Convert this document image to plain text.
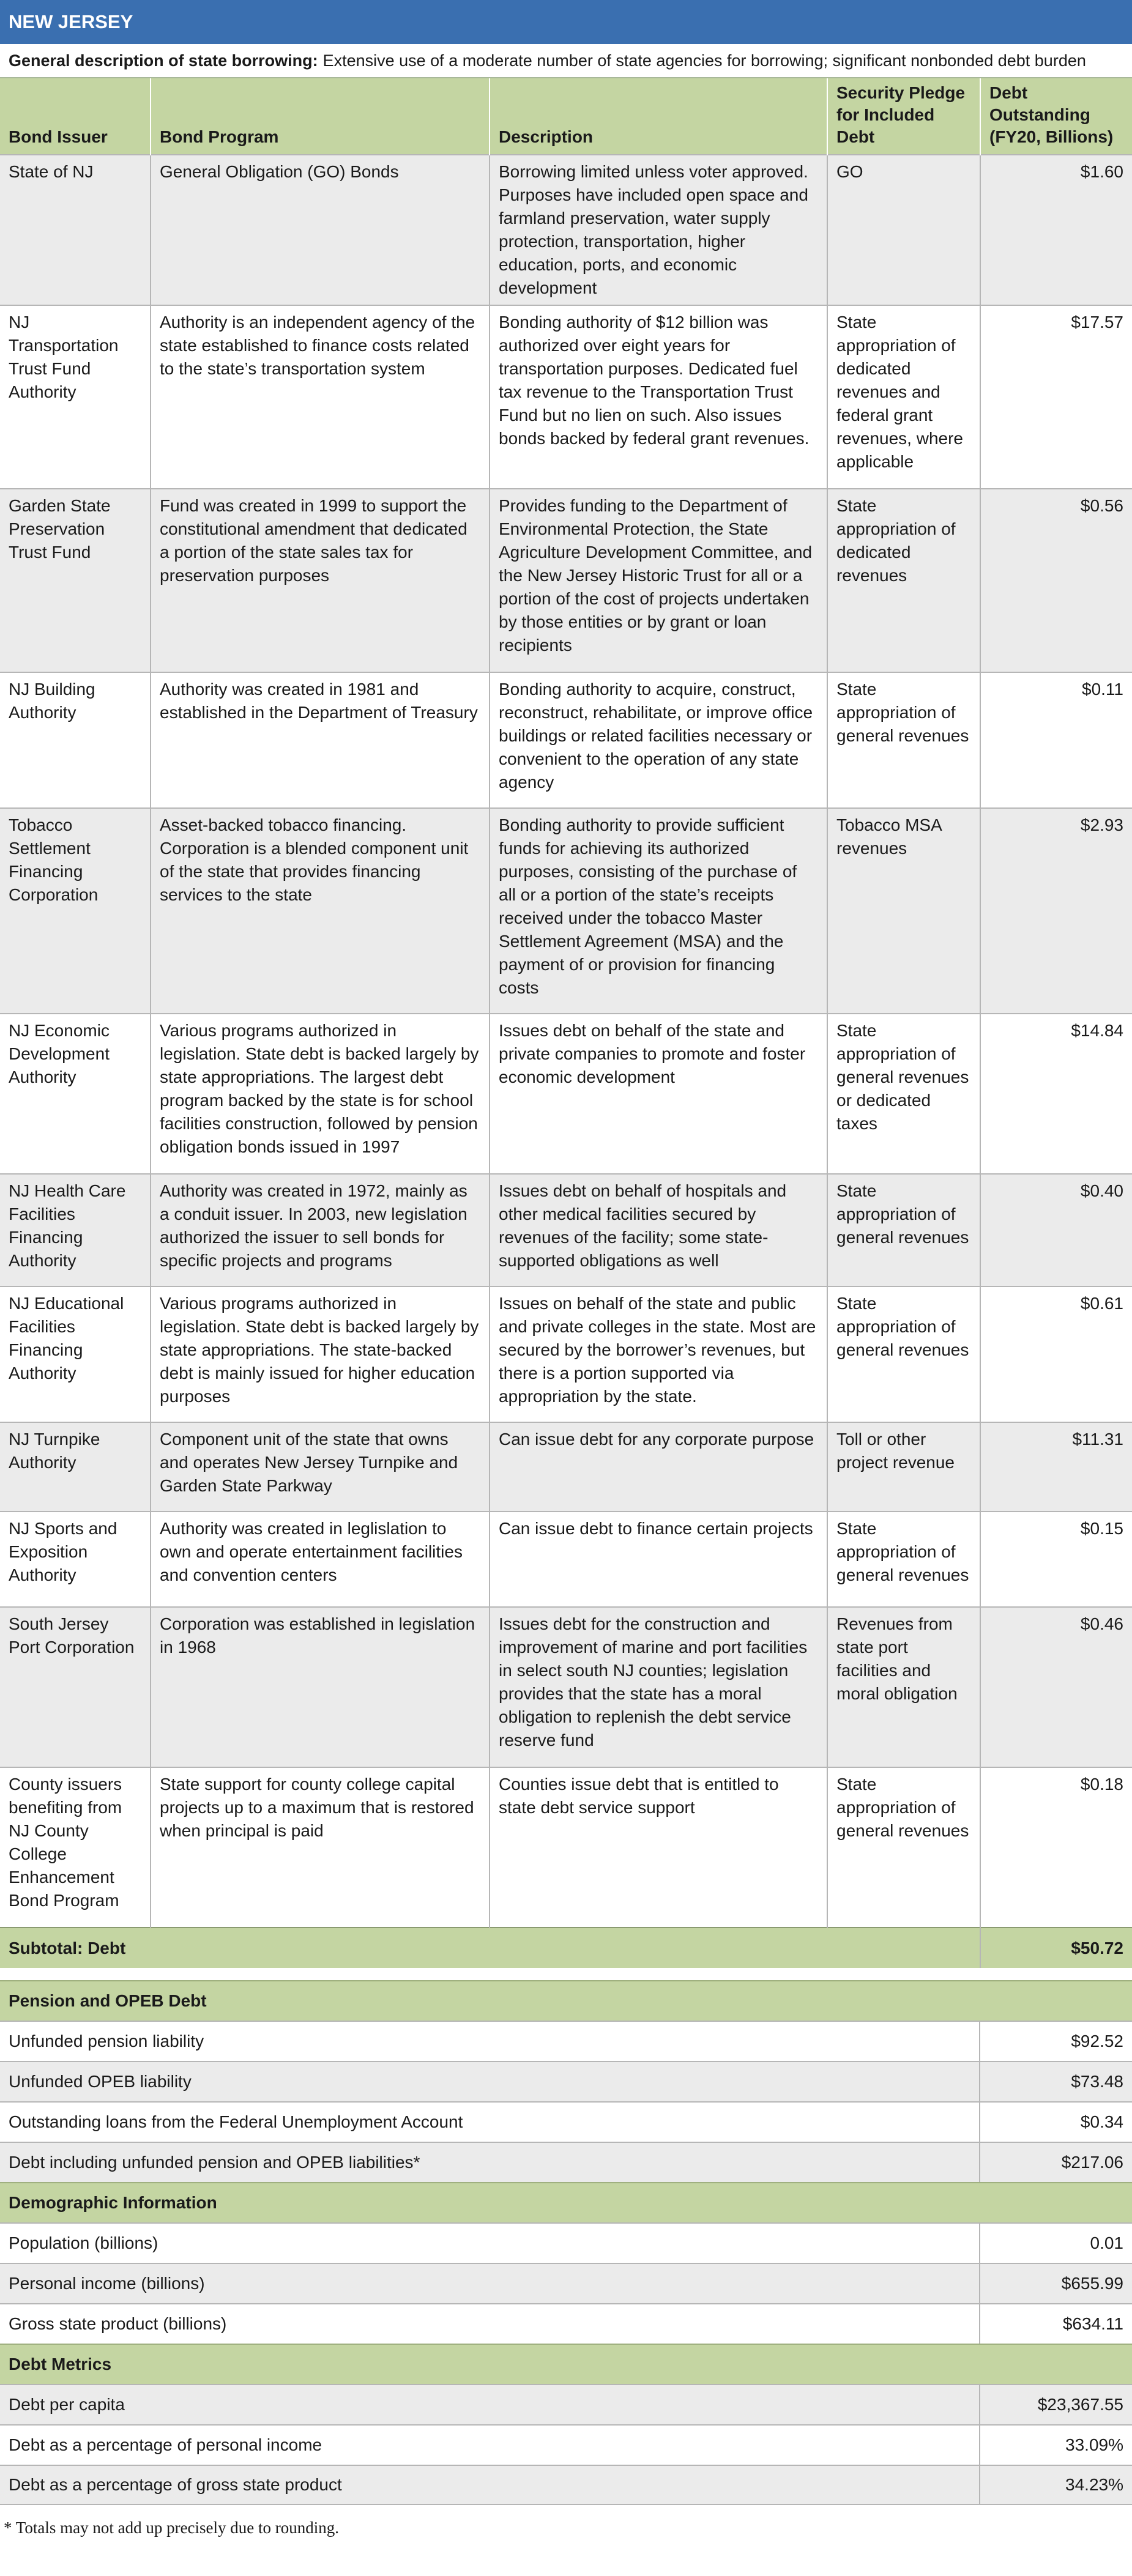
NEW JERSEY
General description of state borrowing: Extensive use of a moderate number of state agencies for borrowing; significant nonbonded debt burden
Bond Issuer	Bond Program	Description	Security Pledge for Included Debt	Debt Outstanding (FY20, Billions)
State of NJ	General Obligation (GO) Bonds	Borrowing limited unless voter approved. Purposes have included open space and farmland preservation, water supply protection, transportation, higher education, ports, and economic development	GO	$1.60
NJ Transportation Trust Fund Authority	Authority is an independent agency of the state established to finance costs related to the state’s transportation system	Bonding authority of $12 billion was authorized over eight years for transportation purposes. Dedicated fuel tax revenue to the Transportation Trust Fund but no lien on such. Also issues bonds backed by federal grant revenues.	State appropriation of dedicated revenues and federal grant revenues, where applicable	$17.57
Garden State Preservation Trust Fund	Fund was created in 1999 to support the constitutional amendment that dedicated a portion of the state sales tax for preservation purposes	Provides funding to the Department of Environmental Protection, the State Agriculture Development Committee, and the New Jersey Historic Trust for all or a portion of the cost of projects undertaken by those entities or by grant or loan recipients	State appropriation of dedicated revenues	$0.56
NJ Building Authority	Authority was created in 1981 and established in the Department of Treasury	Bonding authority to acquire, construct, reconstruct, rehabilitate, or improve office buildings or related facilities necessary or convenient to the operation of any state agency	State appropriation of general revenues	$0.11
Tobacco Settlement Financing Corporation	Asset-backed tobacco financing. Corporation is a blended component unit of the state that provides financing services to the state	Bonding authority to provide sufficient funds for achieving its authorized purposes, consisting of the purchase of all or a portion of the state’s receipts received under the tobacco Master Settlement Agreement (MSA) and the payment of or provision for financing costs	Tobacco MSA revenues	$2.93
NJ Economic Development Authority	Various programs authorized in legislation. State debt is backed largely by state appropriations. The largest debt program backed by the state is for school facilities construction, followed by pension obligation bonds issued in 1997	Issues debt on behalf of the state and private companies to promote and foster economic development	State appropriation of general revenues or dedicated taxes	$14.84
NJ Health Care Facilities Financing Authority	Authority was created in 1972, mainly as a conduit issuer. In 2003, new legislation authorized the issuer to sell bonds for specific projects and programs	Issues debt on behalf of hospitals and other medical facilities secured by revenues of the facility; some state-supported obligations as well	State appropriation of general revenues	$0.40
NJ Educational Facilities Financing Authority	Various programs authorized in legislation. State debt is backed largely by state appropriations. The state-backed debt is mainly issued for higher education purposes	Issues on behalf of the state and public and private colleges in the state. Most are secured by the borrower’s revenues, but there is a portion supported via appropriation by the state.	State appropriation of general revenues	$0.61
NJ Turnpike Authority	Component unit of the state that owns and operates New Jersey Turnpike and Garden State Parkway	Can issue debt for any corporate purpose	Toll or other project revenue	$11.31
NJ Sports and Exposition Authority	Authority was created in leglislation to own and operate entertainment facilities and convention centers	Can issue debt to finance certain projects	State appropriation of general revenues	$0.15
South Jersey Port Corporation	Corporation was established in legislation in 1968	Issues debt for the construction and improvement of marine and port facilities in select south NJ counties; legislation provides that the state has a moral obligation to replenish the debt service reserve fund	Revenues from state port facilities and moral obligation	$0.46
County issuers benefiting from NJ County College Enhancement Bond Program	State support for county college capital projects up to a maximum that is restored when principal is paid	Counties issue debt that is entitled to state debt service support	State appropriation of general revenues	$0.18
Subtotal: Debt				$50.72
Pension and OPEB Debt
Unfunded pension liability	$92.52
Unfunded OPEB liability	$73.48
Outstanding loans from the Federal Unemployment Account	$0.34
Debt including unfunded pension and OPEB liabilities*	$217.06
Demographic Information
Population (billions)	0.01
Personal income (billions)	$655.99
Gross state product (billions)	$634.11
Debt Metrics
Debt per capita	$23,367.55
Debt as a percentage of personal income	33.09%
Debt as a percentage of gross state product	34.23%
* Totals may not add up precisely due to rounding.
